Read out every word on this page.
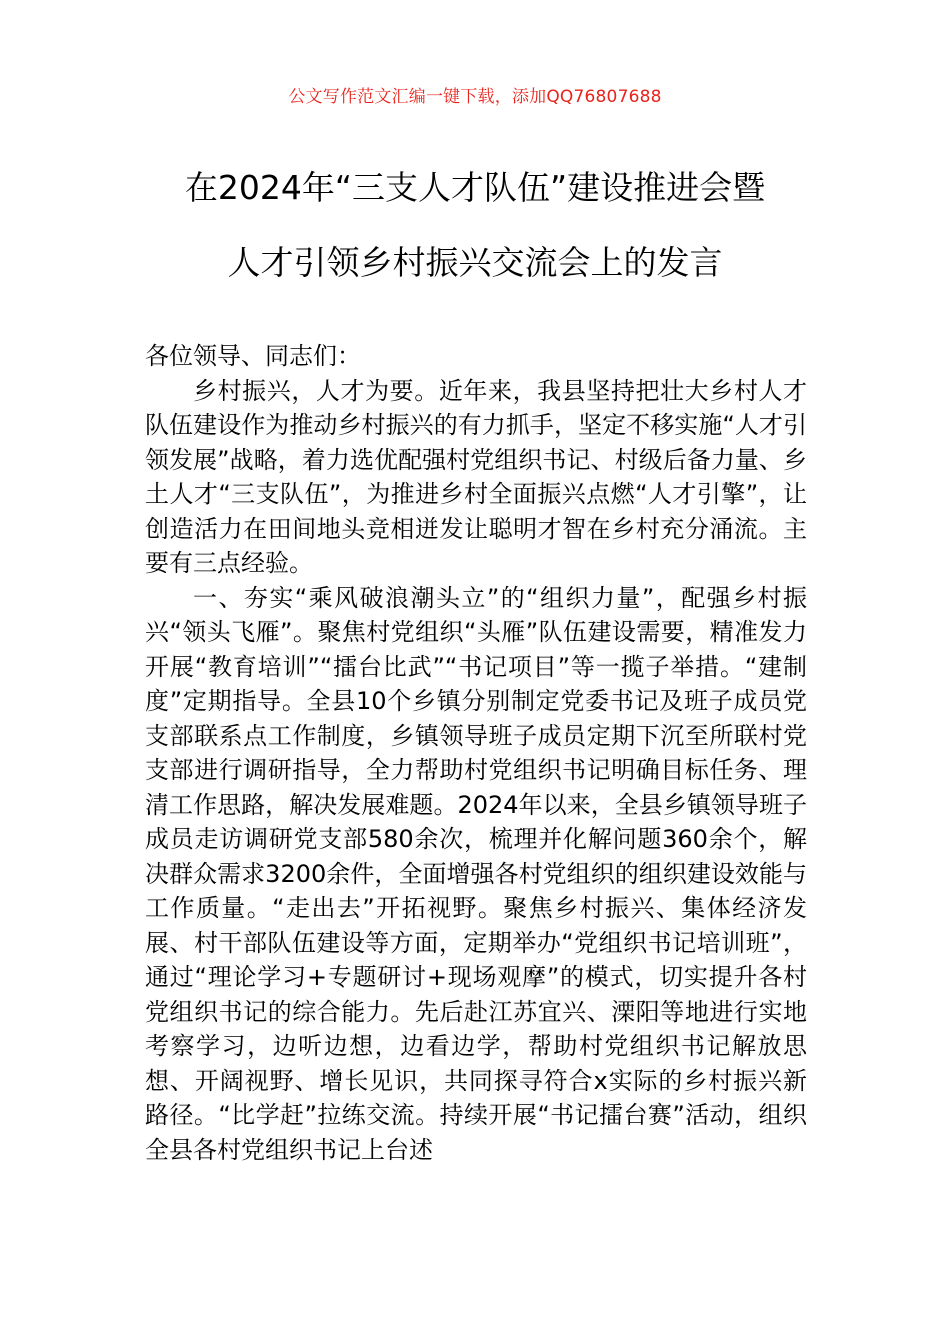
公文写作范文汇编一键下载，添加QQ76807688
在2024年“三支人才队伍”建设推进会暨
人才引领乡村振兴交流会上的发言

各位领导、同志们：

乡村振兴，人才为要。近年来，我县坚持把壮大乡村人才队伍建设作为推动乡村振兴的有力抓手，坚定不移实施“人才引领发展”战略，着力选优配强村党组织书记、村级后备力量、乡土人才“三支队伍”，为推进乡村全面振兴点燃“人才引擎”，让创造活力在田间地头竞相迸发让聪明才智在乡村充分涌流。主要有三点经验。

一、夯实“乘风破浪潮头立”的“组织力量”，配强乡村振兴“领头飞雁”。聚焦村党组织“头雁”队伍建设需要，精准发力开展“教育培训”“擂台比武”“书记项目”等一揽子举措。“建制度”定期指导。全县10个乡镇分别制定党委书记及班子成员党支部联系点工作制度，乡镇领导班子成员定期下沉至所联村党支部进行调研指导，全力帮助村党组织书记明确目标任务、理清工作思路，解决发展难题。2024年以来，全县乡镇领导班子成员走访调研党支部580余次，梳理并化解问题360余个，解决群众需求3200余件，全面增强各村党组织的组织建设效能与工作质量。“走出去”开拓视野。聚焦乡村振兴、集体经济发展、村干部队伍建设等方面，定期举办“党组织书记培训班”，通过“理论学习+专题研讨+现场观摩”的模式，切实提升各村党组织书记的综合能力。先后赴江苏宜兴、溧阳等地进行实地考察学习，边听边想，边看边学，帮助村党组织书记解放思想、开阔视野、增长见识，共同探寻符合x实际的乡村振兴新路径。“比学赶”拉练交流。持续开展“书记擂台赛”活动，组织全县各村党组织书记上台述
